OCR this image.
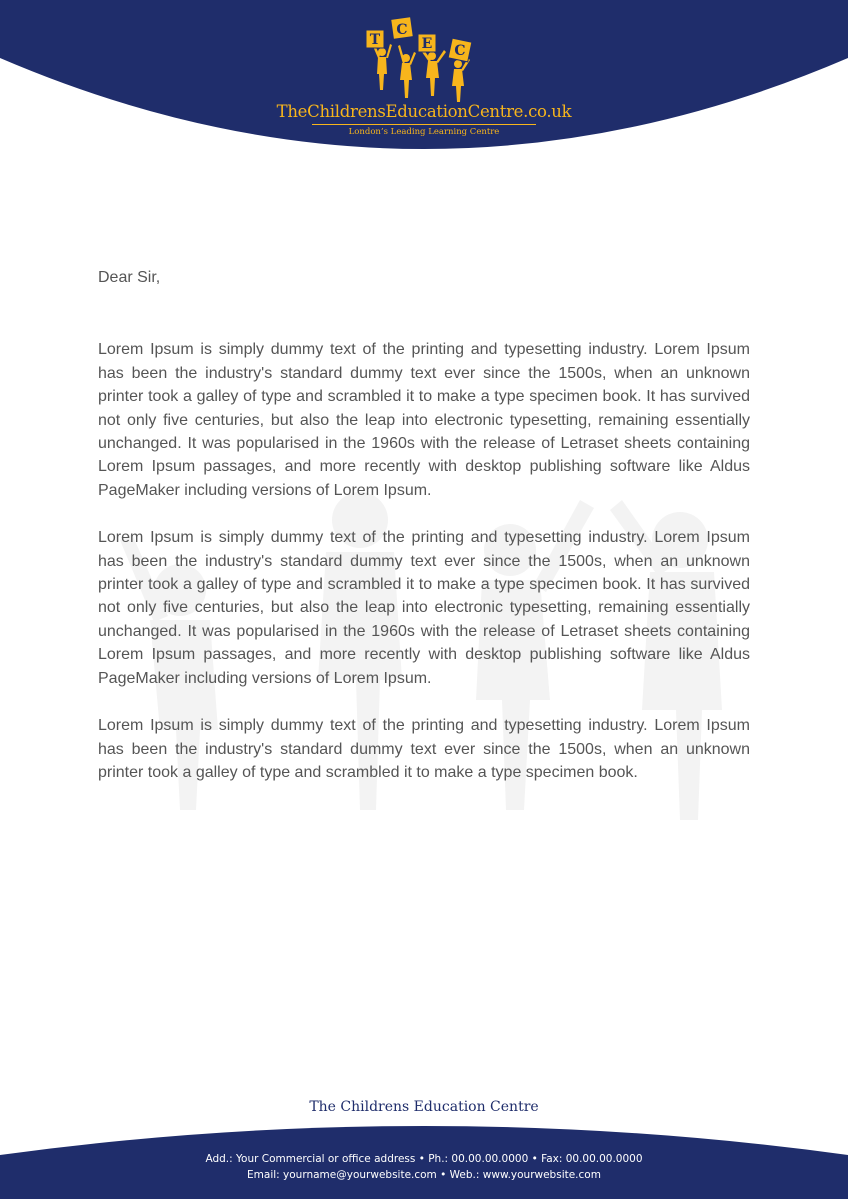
T
C
E C
TheChildrensEducationCentre.co.uk
London’s Leading Learning Centre

Dear Sir,

Lorem Ipsum is simply dummy text of the printing and typesetting industry. Lorem Ipsum has been the industry's standard dummy text ever since the 1500s, when an unknown printer took a galley of type and scrambled it to make a type specimen book. It has survived not only five centuries, but also the leap into electronic typesetting, remaining essentially unchanged. It was popularised in the 1960s with the release of Letraset sheets containing Lorem Ipsum passages, and more recently with desktop publishing software like Aldus PageMaker including versions of Lorem Ipsum.

Lorem Ipsum is simply dummy text of the printing and typesetting industry. Lorem Ipsum has been the industry's standard dummy text ever since the 1500s, when an unknown printer took a galley of type and scrambled it to make a type specimen book. It has survived not only five centuries, but also the leap into electronic typesetting, remaining essentially unchanged. It was popularised in the 1960s with the release of Letraset sheets containing Lorem Ipsum passages, and more recently with desktop publishing software like Aldus PageMaker including versions of Lorem Ipsum.

Lorem Ipsum is simply dummy text of the printing and typesetting industry. Lorem Ipsum has been the industry's standard dummy text ever since the 1500s, when an unknown printer took a galley of type and scrambled it to make a type specimen book.

The Childrens Education Centre
Add.: Your Commercial or office address • Ph.: 00.00.00.0000 • Fax: 00.00.00.0000
Email: yourname@yourwebsite.com • Web.: www.yourwebsite.com
